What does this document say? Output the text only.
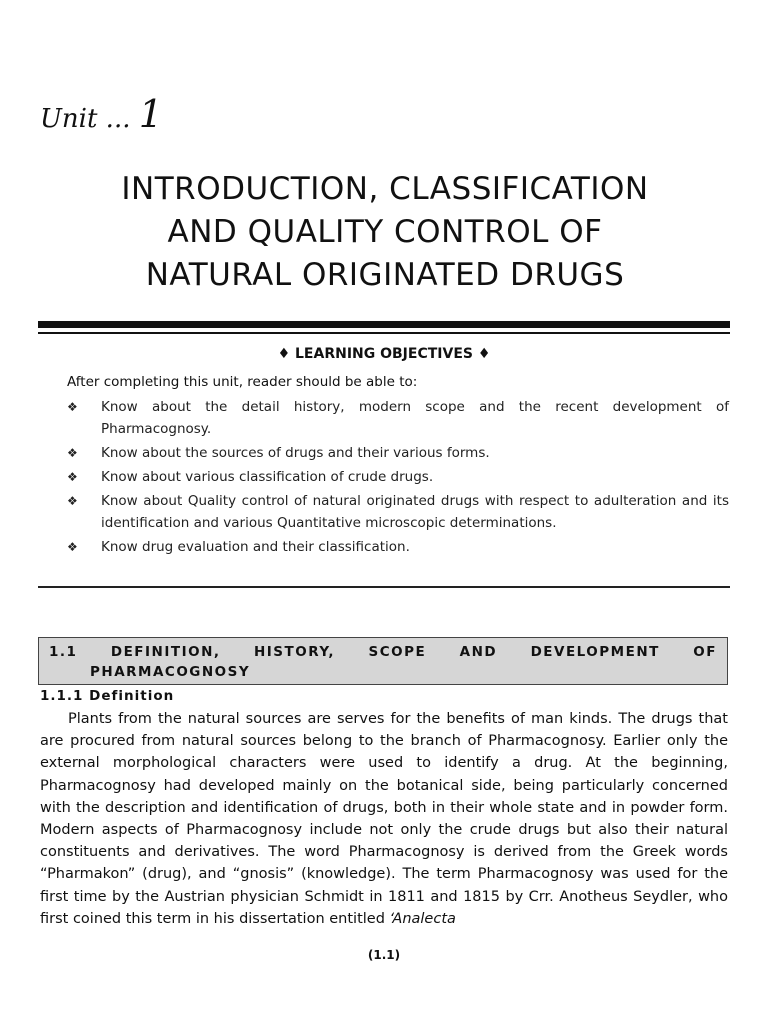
Unit ... 1
INTRODUCTION, CLASSIFICATION
AND QUALITY CONTROL OF
NATURAL ORIGINATED DRUGS
♦ LEARNING OBJECTIVES ♦
After completing this unit, reader should be able to:
❖ Know about the detail history, modern scope and the recent development of Pharmacognosy.
❖ Know about the sources of drugs and their various forms.
❖ Know about various classification of crude drugs.
❖ Know about Quality control of natural originated drugs with respect to adulteration and its identification and various Quantitative microscopic determinations.
❖ Know drug evaluation and their classification.
1.1 DEFINITION, HISTORY, SCOPE AND DEVELOPMENT OF
PHARMACOGNOSY
1.1.1 Definition

Plants from the natural sources are serves for the benefits of man kinds. The drugs that are procured from natural sources belong to the branch of Pharmacognosy. Earlier only the external morphological characters were used to identify a drug. At the beginning, Pharmacognosy had developed mainly on the botanical side, being particularly concerned with the description and identification of drugs, both in their whole state and in powder form. Modern aspects of Pharmacognosy include not only the crude drugs but also their natural constituents and derivatives. The word Pharmacognosy is derived from the Greek words “Pharmakon” (drug), and “gnosis” (knowledge). The term Pharmacognosy was used for the first time by the Austrian physician Schmidt in 1811 and 1815 by Crr. Anotheus Seydler, who first coined this term in his dissertation entitled ‘Analecta

(1.1)
